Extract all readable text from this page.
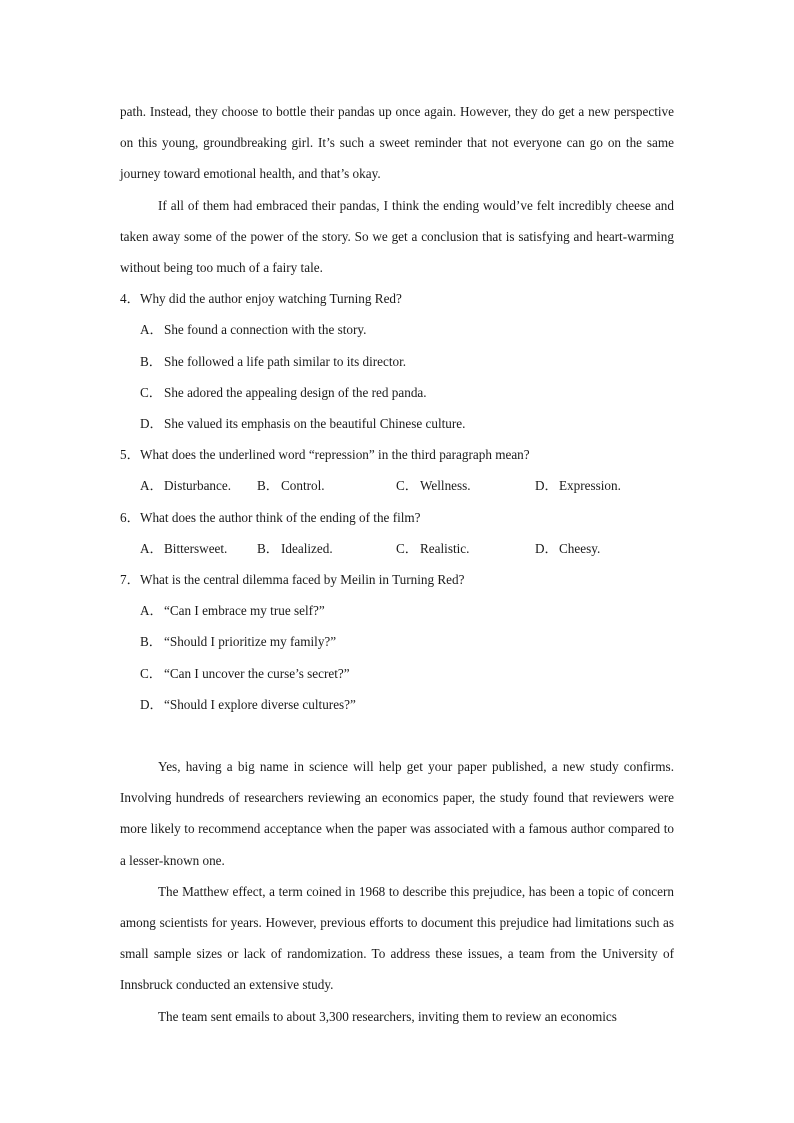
path. Instead, they choose to bottle their pandas up once again. However, they do get a new perspective on this young, groundbreaking girl. It’s such a sweet reminder that not everyone can go on the same journey toward emotional health, and that’s okay.

If all of them had embraced their pandas, I think the ending would’ve felt incredibly cheese and taken away some of the power of the story. So we get a conclusion that is satisfying and heart-warming without being too much of a fairy tale.

4．Why did the author enjoy watching Turning Red?

A．She found a connection with the story.

B． She followed a life path similar to its director.

C． She adored the appealing design of the red panda.

D．She valued its emphasis on the beautiful Chinese culture.

5．What does the underlined word “repression” in the third paragraph mean?

A．Disturbance. B． Control.	C． Wellness.	D．Expression.

6．What does the author think of the ending of the film?

A．Bittersweet. B． Idealized.	C． Realistic.	D．Cheesy.

7．What is the central dilemma faced by Meilin in Turning Red?

A．“Can I embrace my true self?”

B． “Should I prioritize my family?”

C． “Can I uncover the curse’s secret?”

D．“Should I explore diverse cultures?”

Yes, having a big name in science will help get your paper published, a new study confirms. Involving hundreds of researchers reviewing an economics paper, the study found that reviewers were more likely to recommend acceptance when the paper was associated with a famous author compared to a lesser-known one.

The Matthew effect, a term coined in 1968 to describe this prejudice, has been a topic of concern among scientists for years. However, previous efforts to document this prejudice had limitations such as small sample sizes or lack of randomization. To address these issues, a team from the University of Innsbruck conducted an extensive study.

The team sent emails to about 3,300 researchers, inviting them to review an economics
